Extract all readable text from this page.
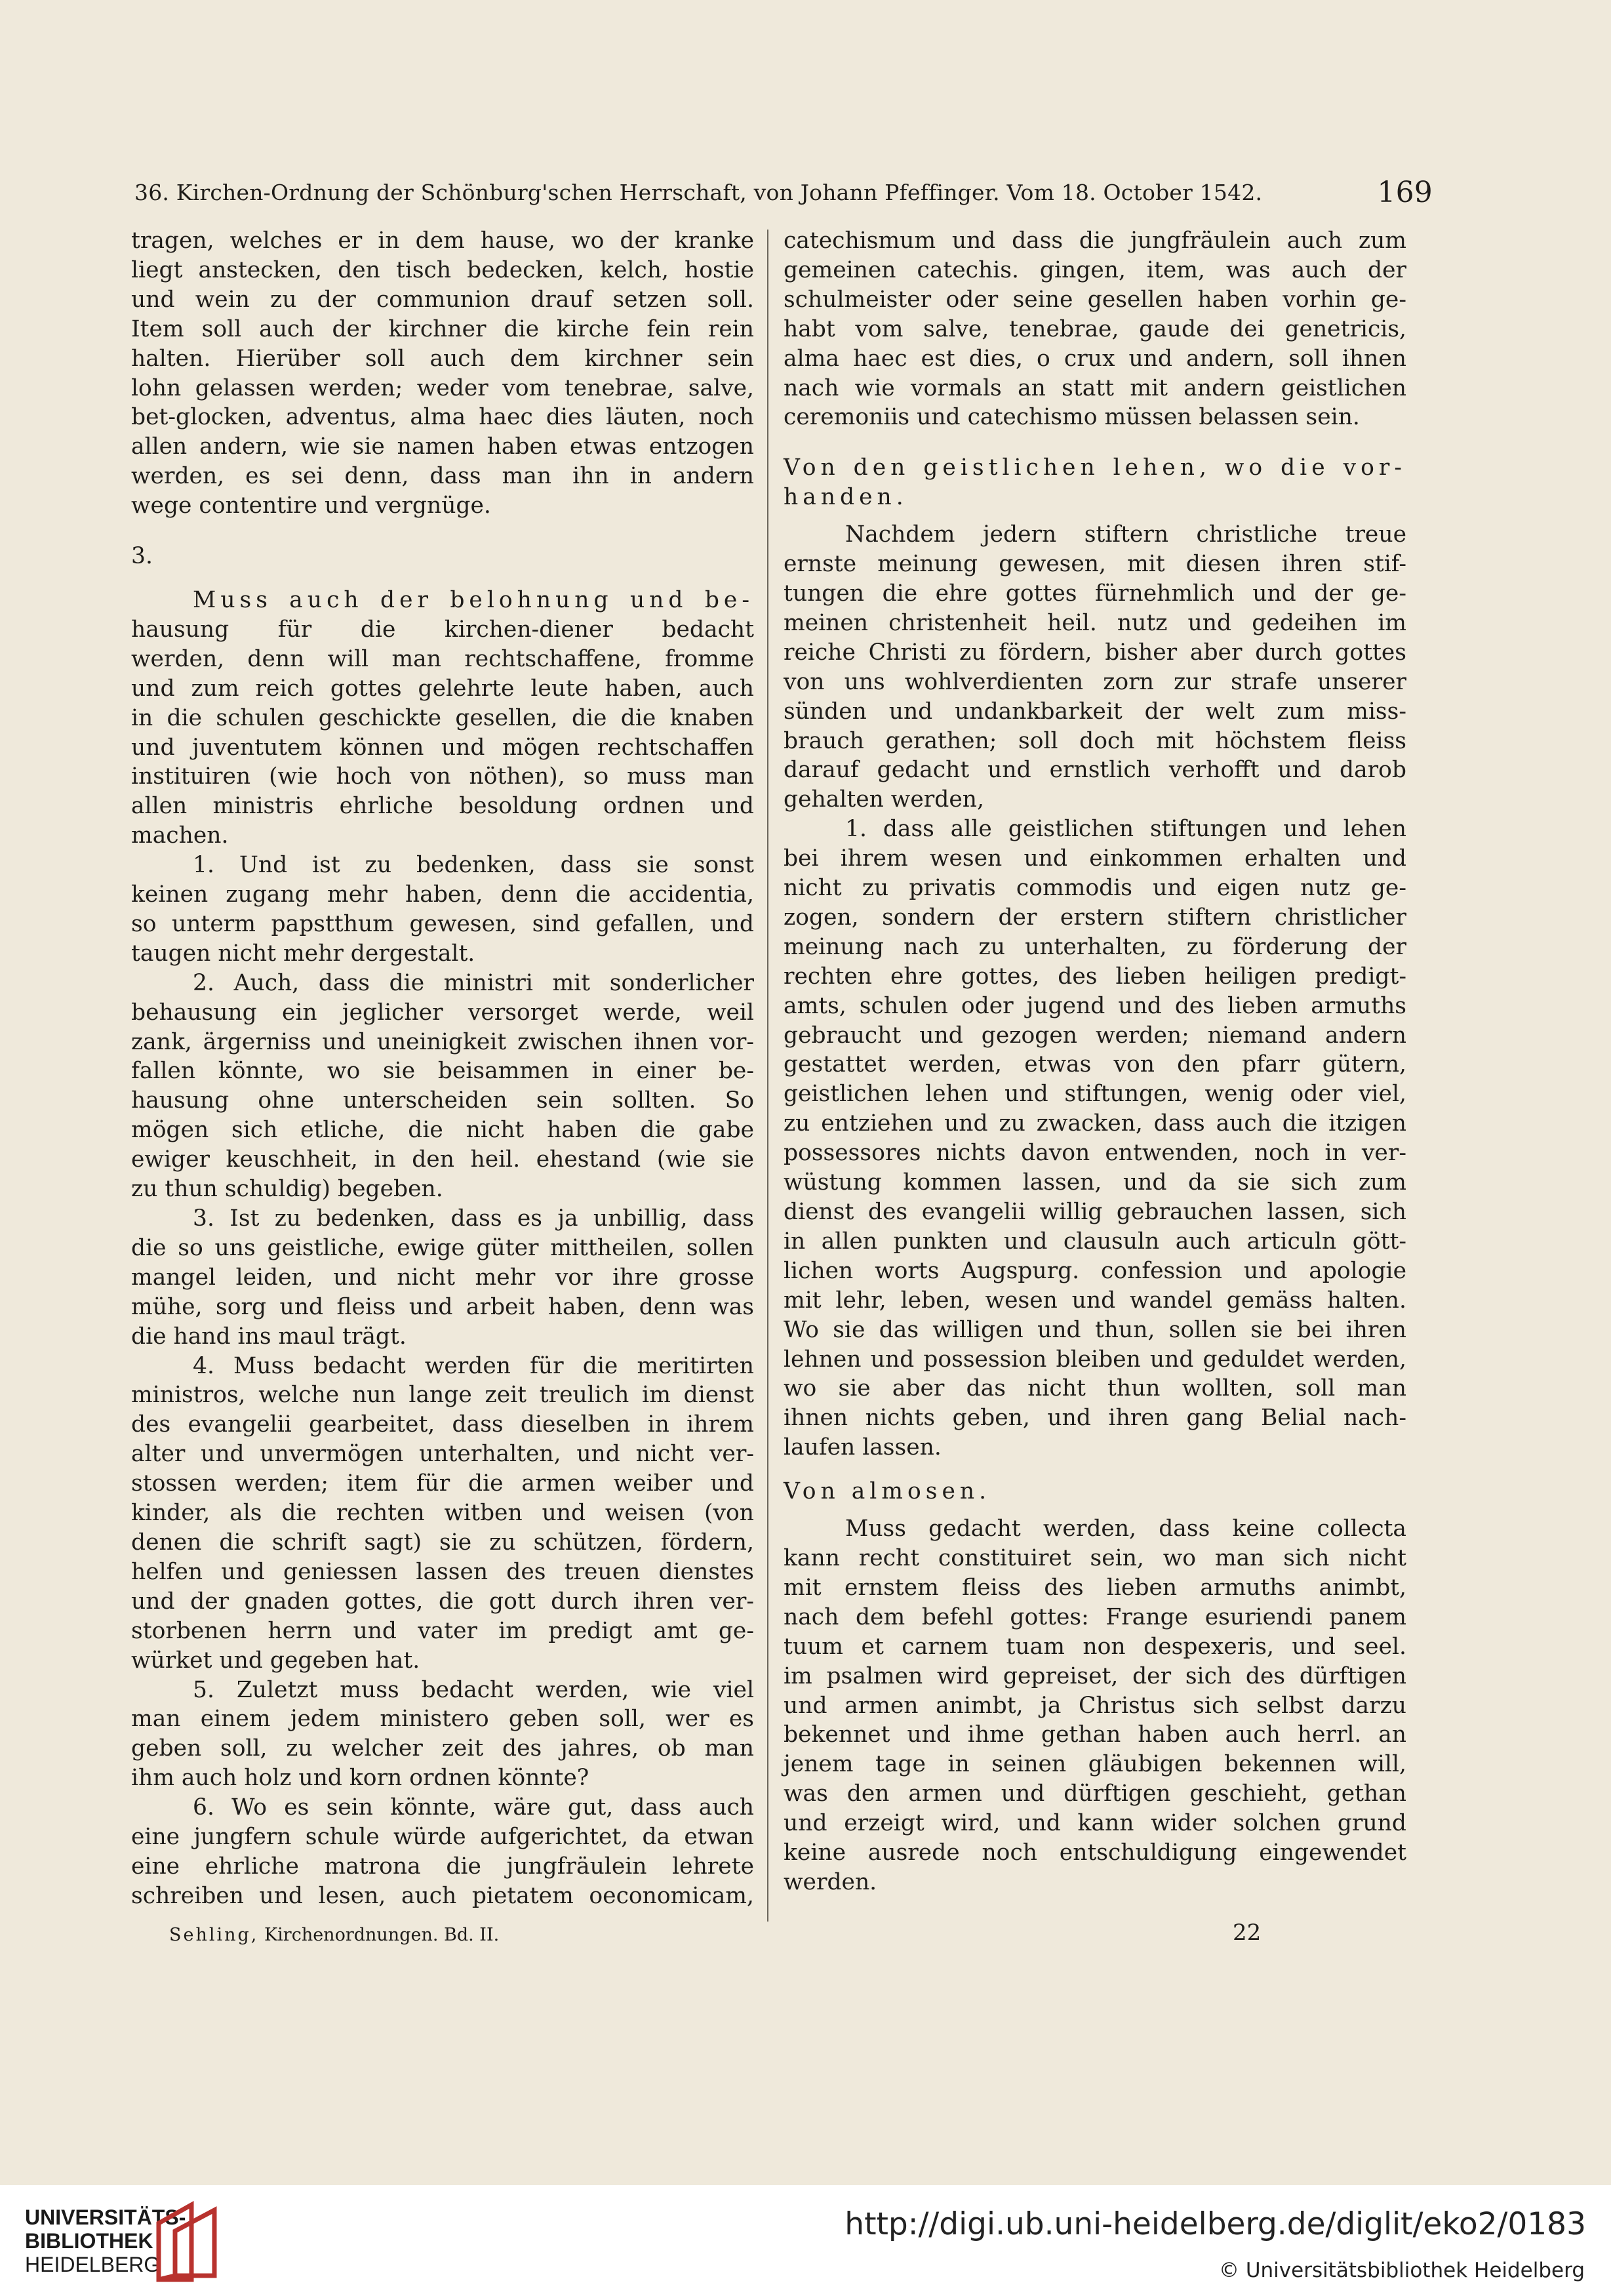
36. Kirchen-Ordnung der Schönburg'schen Herrschaft, von Johann Pfeffinger. Vom 18. October 1542.	169

tragen, welches er in dem hause, wo der kranke

liegt anstecken, den tisch bedecken, kelch, hostie

und wein zu der communion drauf setzen soll.

Item soll auch der kirchner die kirche fein rein

halten. Hierüber soll auch dem kirchner sein

lohn gelassen werden; weder vom tenebrae, salve,

bet-glocken, adventus, alma haec dies läuten, noch

allen andern, wie sie namen haben etwas entzogen

werden, es sei denn, dass man ihn in andern

wege contentire und vergnüge.

3.

Muss auch der belohnung und be-

hausung für die kirchen-diener bedacht

werden, denn will man rechtschaffene, fromme

und zum reich gottes gelehrte leute haben, auch

in die schulen geschickte gesellen, die die knaben

und juventutem können und mögen rechtschaffen

instituiren (wie hoch von nöthen), so muss man

allen ministris ehrliche besoldung ordnen und

machen.

1. Und ist zu bedenken, dass sie sonst

keinen zugang mehr haben, denn die accidentia,

so unterm papstthum gewesen, sind gefallen, und

taugen nicht mehr dergestalt.

2. Auch, dass die ministri mit sonderlicher

behausung ein jeglicher versorget werde, weil

zank, ärgerniss und uneinigkeit zwischen ihnen vor-

fallen könnte, wo sie beisammen in einer be-

hausung ohne unterscheiden sein sollten. So

mögen sich etliche, die nicht haben die gabe

ewiger keuschheit, in den heil. ehestand (wie sie

zu thun schuldig) begeben.

3. Ist zu bedenken, dass es ja unbillig, dass

die so uns geistliche, ewige güter mittheilen, sollen

mangel leiden, und nicht mehr vor ihre grosse

mühe, sorg und fleiss und arbeit haben, denn was

die hand ins maul trägt.

4. Muss bedacht werden für die meritirten

ministros, welche nun lange zeit treulich im dienst

des evangelii gearbeitet, dass dieselben in ihrem

alter und unvermögen unterhalten, und nicht ver-

stossen werden; item für die armen weiber und

kinder, als die rechten witben und weisen (von

denen die schrift sagt) sie zu schützen, fördern,

helfen und geniessen lassen des treuen dienstes

und der gnaden gottes, die gott durch ihren ver-

storbenen herrn und vater im predigt amt ge-

würket und gegeben hat.

5. Zuletzt muss bedacht werden, wie viel

man einem jedem ministero geben soll, wer es

geben soll, zu welcher zeit des jahres, ob man

ihm auch holz und korn ordnen könnte?

6. Wo es sein könnte, wäre gut, dass auch

eine jungfern schule würde aufgerichtet, da etwan

eine ehrliche matrona die jungfräulein lehrete

schreiben und lesen, auch pietatem oeconomicam,

catechismum und dass die jungfräulein auch zum

gemeinen catechis. gingen, item, was auch der

schulmeister oder seine gesellen haben vorhin ge-

habt vom salve, tenebrae, gaude dei genetricis,

alma haec est dies, o crux und andern, soll ihnen

nach wie vormals an statt mit andern geistlichen

ceremoniis und catechismo müssen belassen sein.

Von den geistlichen lehen, wo die vor-

handen.

Nachdem jedern stiftern christliche treue

ernste meinung gewesen, mit diesen ihren stif-

tungen die ehre gottes fürnehmlich und der ge-

meinen christenheit heil. nutz und gedeihen im

reiche Christi zu fördern, bisher aber durch gottes

von uns wohlverdienten zorn zur strafe unserer

sünden und undankbarkeit der welt zum miss-

brauch gerathen; soll doch mit höchstem fleiss

darauf gedacht und ernstlich verhofft und darob

gehalten werden,

1. dass alle geistlichen stiftungen und lehen

bei ihrem wesen und einkommen erhalten und

nicht zu privatis commodis und eigen nutz ge-

zogen, sondern der erstern stiftern christlicher

meinung nach zu unterhalten, zu förderung der

rechten ehre gottes, des lieben heiligen predigt-

amts, schulen oder jugend und des lieben armuths

gebraucht und gezogen werden; niemand andern

gestattet werden, etwas von den pfarr gütern,

geistlichen lehen und stiftungen, wenig oder viel,

zu entziehen und zu zwacken, dass auch die itzigen

possessores nichts davon entwenden, noch in ver-

wüstung kommen lassen, und da sie sich zum

dienst des evangelii willig gebrauchen lassen, sich

in allen punkten und clausuln auch articuln gött-

lichen worts Augspurg. confession und apologie

mit lehr, leben, wesen und wandel gemäss halten.

Wo sie das willigen und thun, sollen sie bei ihren

lehnen und possession bleiben und geduldet werden,

wo sie aber das nicht thun wollten, soll man

ihnen nichts geben, und ihren gang Belial nach-

laufen lassen.

Von almosen.

Muss gedacht werden, dass keine collecta

kann recht constituiret sein, wo man sich nicht

mit ernstem fleiss des lieben armuths animbt,

nach dem befehl gottes: Frange esuriendi panem

tuum et carnem tuam non despexeris, und seel.

im psalmen wird gepreiset, der sich des dürftigen

und armen animbt, ja Christus sich selbst darzu

bekennet und ihme gethan haben auch herrl. an

jenem tage in seinen gläubigen bekennen will,

was den armen und dürftigen geschieht, gethan

und erzeigt wird, und kann wider solchen grund

keine ausrede noch entschuldigung eingewendet

werden.

Sehling, Kirchenordnungen. Bd. II.	22
UNIVERSITÄTS-
BIBLIOTHEK
HEIDELBERG
http://digi.ub.uni-heidelberg.de/diglit/eko2/0183
© Universitätsbibliothek Heidelberg
